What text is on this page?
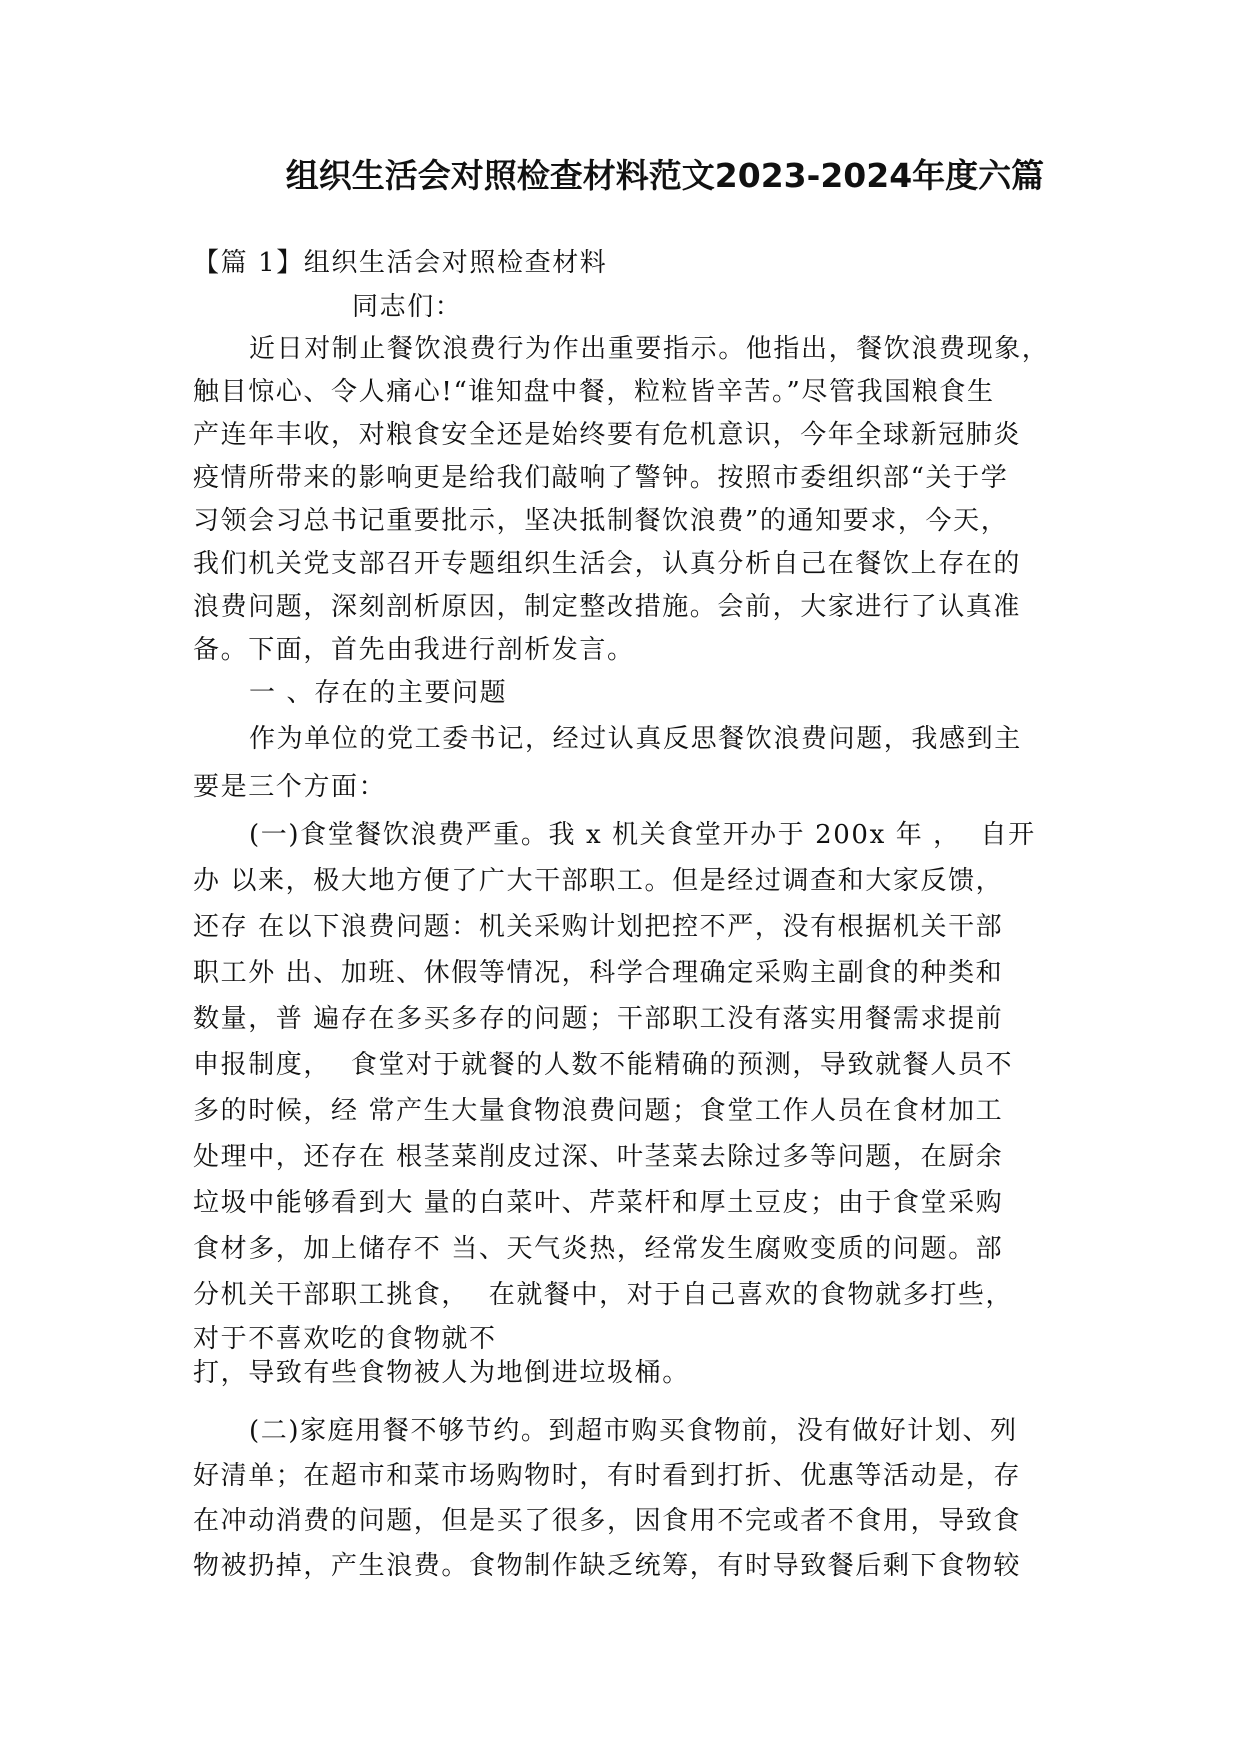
组织生活会对照检查材料范文2023-2024年度六篇
【篇 1】组织生活会对照检查材料
同志们：
近日对制止餐饮浪费行为作出重要指示。他指出，餐饮浪费现象，
触目惊心、令人痛心!“谁知盘中餐，粒粒皆辛苦。”尽管我国粮食生
产连年丰收，对粮食安全还是始终要有危机意识，今年全球新冠肺炎
疫情所带来的影响更是给我们敲响了警钟。按照市委组织部“关于学
习领会习总书记重要批示，坚决抵制餐饮浪费”的通知要求，今天，
我们机关党支部召开专题组织生活会，认真分析自己在餐饮上存在的
浪费问题，深刻剖析原因，制定整改措施。会前，大家进行了认真准
备。下面，首先由我进行剖析发言。
一 、存在的主要问题
作为单位的党工委书记，经过认真反思餐饮浪费问题，我感到主
要是三个方面：
(一)食堂餐饮浪费严重。我 x 机关食堂开办于 200x 年 ，  自开
办 以来，极大地方便了广大干部职工。但是经过调查和大家反馈，
还存 在以下浪费问题：机关采购计划把控不严，没有根据机关干部
职工外 出、加班、休假等情况，科学合理确定采购主副食的种类和
数量，普 遍存在多买多存的问题；干部职工没有落实用餐需求提前
申报制度，  食堂对于就餐的人数不能精确的预测，导致就餐人员不
多的时候，经 常产生大量食物浪费问题；食堂工作人员在食材加工
处理中，还存在 根茎菜削皮过深、叶茎菜去除过多等问题，在厨余
垃圾中能够看到大 量的白菜叶、芹菜杆和厚土豆皮；由于食堂采购
食材多，加上储存不 当、天气炎热，经常发生腐败变质的问题。部
分机关干部职工挑食，  在就餐中，对于自己喜欢的食物就多打些，
对于不喜欢吃的食物就不
打，导致有些食物被人为地倒进垃圾桶。
(二)家庭用餐不够节约。到超市购买食物前，没有做好计划、列
好清单；在超市和菜市场购物时，有时看到打折、优惠等活动是，存
在冲动消费的问题，但是买了很多，因食用不完或者不食用，导致食
物被扔掉，产生浪费。食物制作缺乏统筹，有时导致餐后剩下食物较
